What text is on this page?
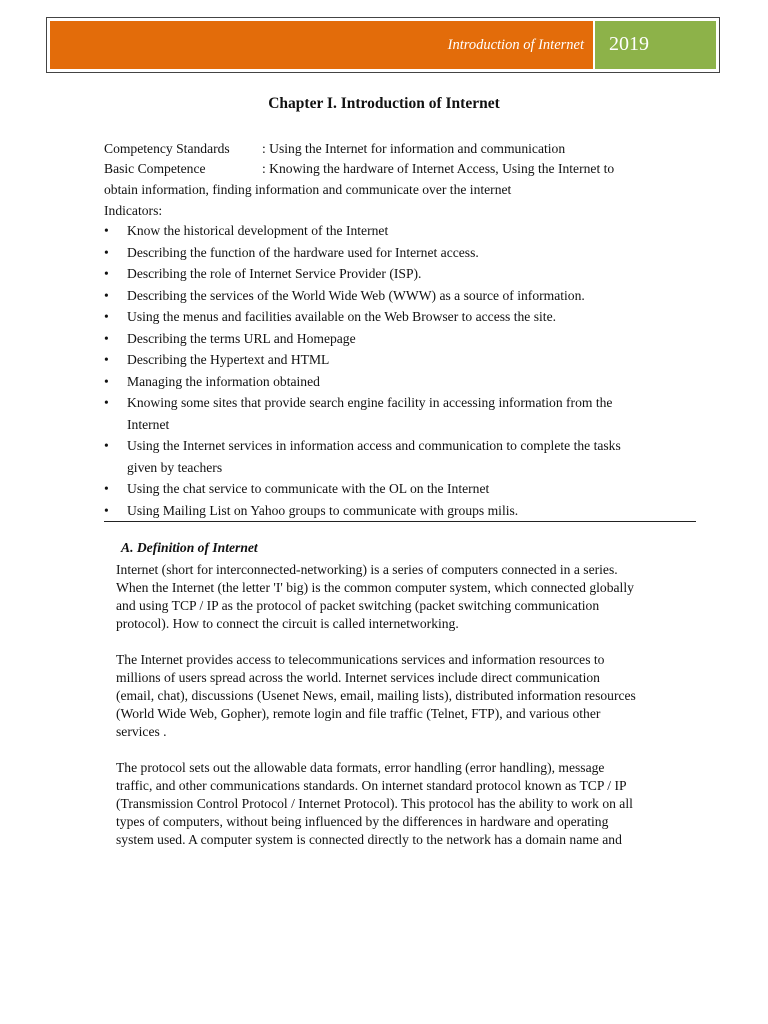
Introduction of Internet 2019
Chapter I. Introduction of Internet
Competency Standards : Using the Internet for information and communication
Basic Competence	: Knowing the hardware of Internet Access, Using the Internet to
obtain information, finding information and communicate over the internet
Indicators:
• Know the historical development of the Internet
• Describing the function of the hardware used for Internet access.
• Describing the role of Internet Service Provider (ISP).
• Describing the services of the World Wide Web (WWW) as a source of information.
• Using the menus and facilities available on the Web Browser to access the site.
• Describing the terms URL and Homepage
• Describing the Hypertext and HTML
• Managing the information obtained
• Knowing some sites that provide search engine facility in accessing information from the
Internet
• Using the Internet services in information access and communication to complete the tasks
given by teachers
• Using the chat service to communicate with the OL on the Internet
• Using Mailing List on Yahoo groups to communicate with groups milis.
A. Definition of Internet

Internet (short for interconnected-networking) is a series of computers connected in a series.
When the Internet (the letter 'I' big) is the common computer system, which connected globally
and using TCP / IP as the protocol of packet switching (packet switching communication
protocol). How to connect the circuit is called internetworking.

The Internet provides access to telecommunications services and information resources to
millions of users spread across the world. Internet services include direct communication
(email, chat), discussions (Usenet News, email, mailing lists), distributed information resources
(World Wide Web, Gopher), remote login and file traffic (Telnet, FTP), and various other
services .

The protocol sets out the allowable data formats, error handling (error handling), message
traffic, and other communications standards. On internet standard protocol known as TCP / IP
(Transmission Control Protocol / Internet Protocol). This protocol has the ability to work on all
types of computers, without being influenced by the differences in hardware and operating
system used. A computer system is connected directly to the network has a domain name and
